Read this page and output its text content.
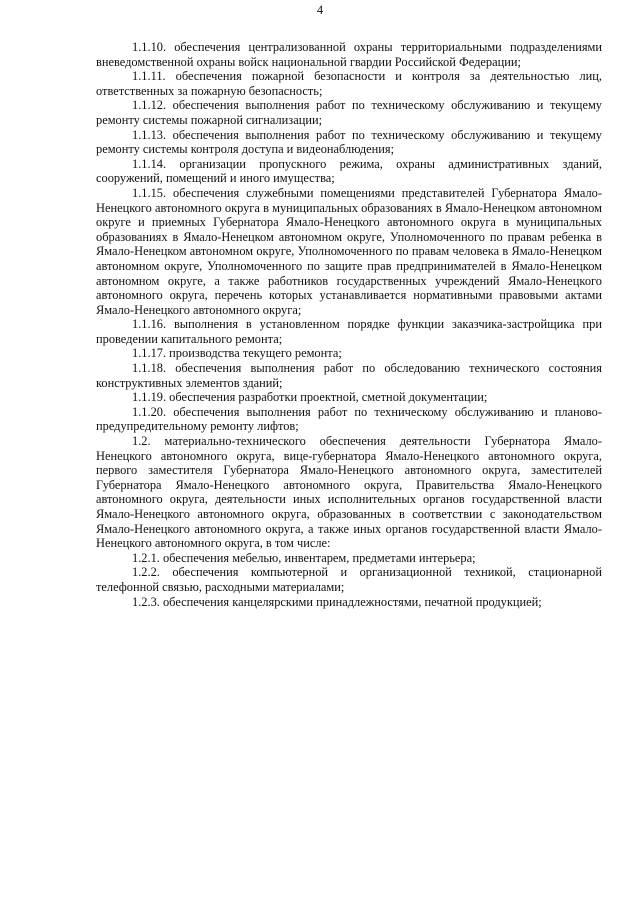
4

1.1.10. обеспечения централизованной охраны территориальными подразделениями вневедомственной охраны войск национальной гвардии Российской Федерации;

1.1.11. обеспечения пожарной безопасности и контроля за деятельностью лиц, ответственных за пожарную безопасность;

1.1.12. обеспечения выполнения работ по техническому обслуживанию и текущему ремонту системы пожарной сигнализации;

1.1.13. обеспечения выполнения работ по техническому обслуживанию и текущему ремонту системы контроля доступа и видеонаблюдения;

1.1.14. организации пропускного режима, охраны административных зданий, сооружений, помещений и иного имущества;

1.1.15. обеспечения служебными помещениями представителей Губернатора Ямало-Ненецкого автономного округа в муниципальных образованиях в Ямало-Ненецком автономном округе и приемных Губернатора Ямало-Ненецкого автономного округа в муниципальных образованиях в Ямало-Ненецком автономном округе, Уполномоченного по правам ребенка в Ямало-Ненецком автономном округе, Уполномоченного по правам человека в Ямало-Ненецком автономном округе, Уполномоченного по защите прав предпринимателей в Ямало-Ненецком автономном округе, а также работников государственных учреждений Ямало-Ненецкого автономного округа, перечень которых устанавливается нормативными правовыми актами Ямало-Ненецкого автономного округа;

1.1.16. выполнения в установленном порядке функции заказчика-застройщика при проведении капитального ремонта;

1.1.17. производства текущего ремонта;

1.1.18. обеспечения выполнения работ по обследованию технического состояния конструктивных элементов зданий;

1.1.19. обеспечения разработки проектной, сметной документации;

1.1.20. обеспечения выполнения работ по техническому обслуживанию и планово-предупредительному ремонту лифтов;

1.2. материально-технического обеспечения деятельности Губернатора Ямало-Ненецкого автономного округа, вице-губернатора Ямало-Ненецкого автономного округа, первого заместителя Губернатора Ямало-Ненецкого автономного округа, заместителей Губернатора Ямало-Ненецкого автономного округа, Правительства Ямало-Ненецкого автономного округа, деятельности иных исполнительных органов государственной власти Ямало-Ненецкого автономного округа, образованных в соответствии с законодательством Ямало-Ненецкого автономного округа, а также иных органов государственной власти Ямало-Ненецкого автономного округа, в том числе:

1.2.1. обеспечения мебелью, инвентарем, предметами интерьера;

1.2.2. обеспечения компьютерной и организационной техникой, стационарной телефонной связью, расходными материалами;

1.2.3. обеспечения канцелярскими принадлежностями, печатной продукцией;
